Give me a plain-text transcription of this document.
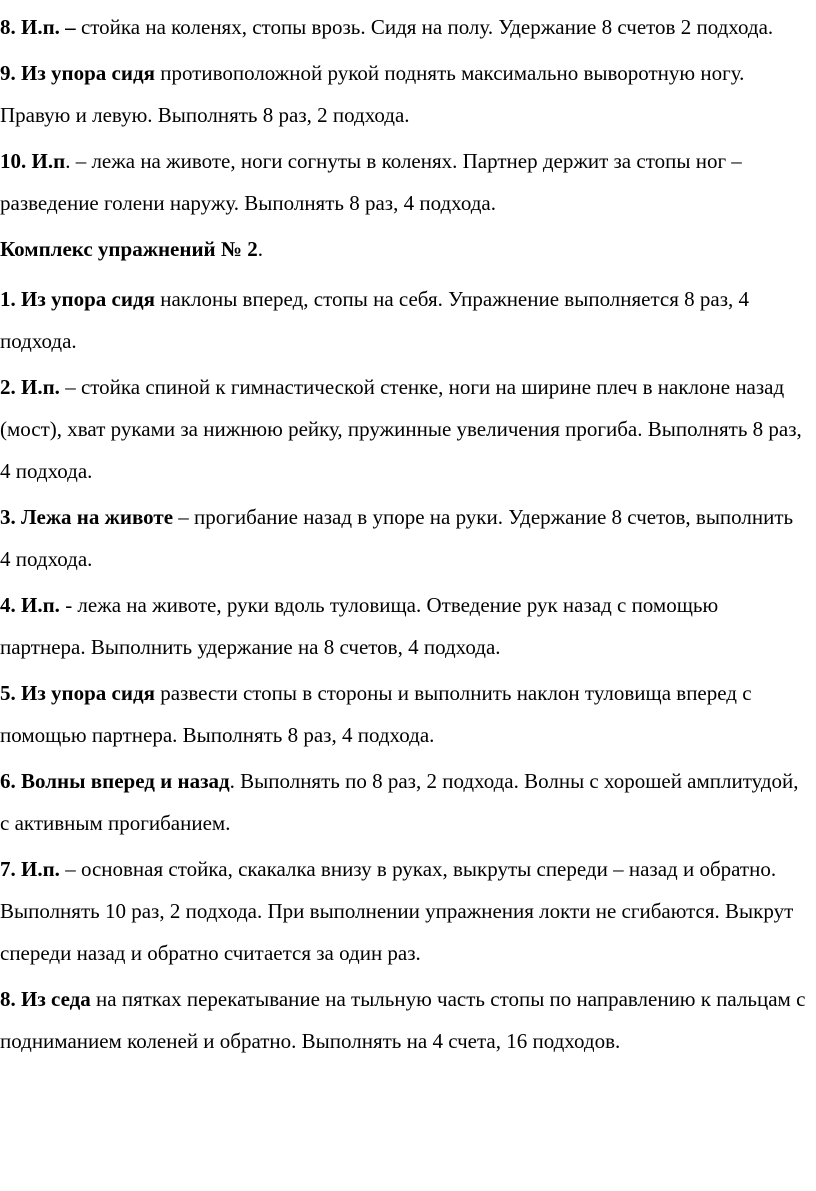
8. И.п. – стойка на коленях, стопы врозь. Сидя на полу. Удержание 8 счетов 2 подхода.

9. Из упора сидя противоположной рукой поднять максимально выворотную ногу. Правую и левую. Выполнять 8 раз, 2 подхода.

10. И.п. – лежа на животе, ноги согнуты в коленях. Партнер держит за стопы ног – разведение голени наружу. Выполнять 8 раз, 4 подхода.

Комплекс упражнений № 2.

1. Из упора сидя наклоны вперед, стопы на себя. Упражнение выполняется 8 раз, 4 подхода.

2. И.п. – стойка спиной к гимнастической стенке, ноги на ширине плеч в наклоне назад (мост), хват руками за нижнюю рейку, пружинные увеличения прогиба. Выполнять 8 раз, 4 подхода.

3. Лежа на животе – прогибание назад в упоре на руки. Удержание 8 счетов, выполнить 4 подхода.

4. И.п. - лежа на животе, руки вдоль туловища. Отведение рук назад с помощью партнера. Выполнить удержание на 8 счетов, 4 подхода.

5. Из упора сидя развести стопы в стороны и выполнить наклон туловища вперед с помощью партнера. Выполнять 8 раз, 4 подхода.

6. Волны вперед и назад. Выполнять по 8 раз, 2 подхода. Волны с хорошей амплитудой, с активным прогибанием.

7. И.п. – основная стойка, скакалка внизу в руках, выкруты спереди – назад и обратно. Выполнять 10 раз, 2 подхода. При выполнении упражнения локти не сгибаются. Выкрут спереди назад и обратно считается за один раз.

8. Из седа на пятках перекатывание на тыльную часть стопы по направлению к пальцам с подниманием коленей и обратно. Выполнять на 4 счета, 16 подходов.
